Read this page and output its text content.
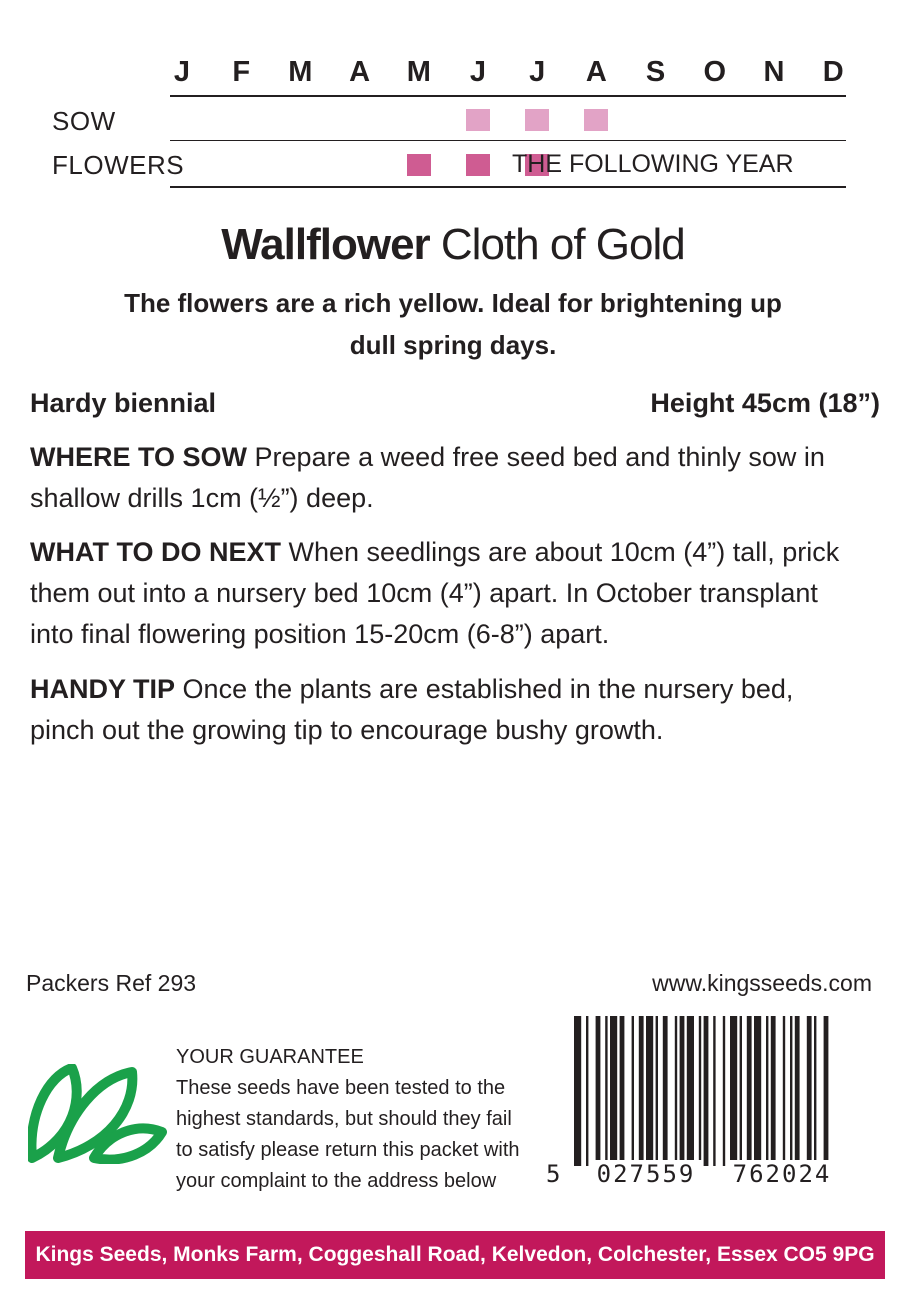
J	F	M	A	M	J	J	A	S	O	N	D
SOW
FLOWERS	THE FOLLOWING YEAR
Wallflower Cloth of Gold
The flowers are a rich yellow. Ideal for brightening up
dull spring days.
Hardy biennial	Height 45cm (18”)
WHERE TO SOW Prepare a weed free seed bed and thinly sow in
shallow drills 1cm (½”) deep.
WHAT TO DO NEXT When seedlings are about 10cm (4”) tall, prick
them out into a nursery bed 10cm (4”) apart. In October transplant
into final flowering position 15-20cm (6-8”) apart.
HANDY TIP Once the plants are established in the nursery bed,
pinch out the growing tip to encourage bushy growth.
Packers Ref 293	www.kingsseeds.com
YOUR GUARANTEE
These seeds have been tested to the
highest standards, but should they fail
to satisfy please return this packet with
your complaint to the address below	5 027559 762024
Kings Seeds, Monks Farm, Coggeshall Road, Kelvedon, Colchester, Essex CO5 9PG
